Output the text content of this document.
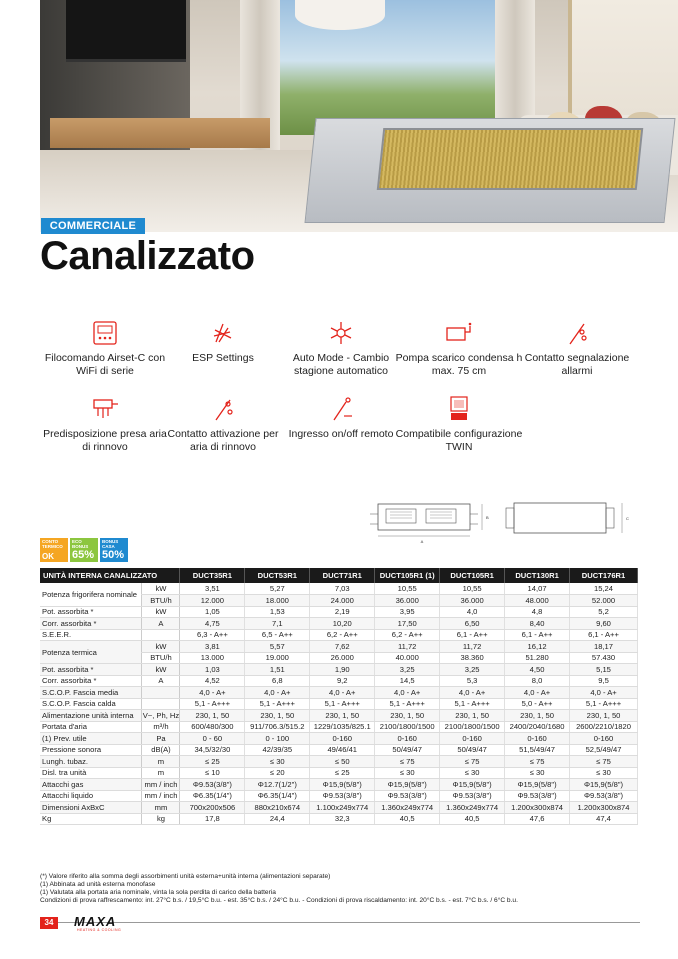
COMMERCIALE
Canalizzato
Filocomando Airset-C con WiFi di serie
ESP Settings	Auto Mode - Cambio stagione automatico
Pompa scarico condensa h max. 75 cm
Contatto segnalazione allarmi
Predisposizione presa aria di rinnovo
Contatto attivazione per aria di rinnovo
Ingresso on/off remoto Compatibile configurazione TWIN
A
B	C
CONTO TERMICO
OK
ECO BONUS
65%
BONUS CASA
50%
UNITÀ INTERNA CANALIZZATO		DUCT35R1	DUCT53R1	DUCT71R1	DUCT105R1 (1)	DUCT105R1	DUCT130R1	DUCT176R1
Potenza frigorifera nominale	kW	3,51	5,27	7,03	10,55	10,55	14,07	15,24
	BTU/h	12.000	18.000	24.000	36.000	36.000	48.000	52.000
Pot. assorbita *	kW	1,05	1,53	2,19	3,95	4,0	4,8	5,2
Corr. assorbita *	A	4,75	7,1	10,20	17,50	6,50	8,40	9,60
S.E.E.R.		6,3 - A++	6,5 - A++	6,2 - A++	6,2 - A++	6,1 - A++	6,1 - A++	6,1 - A++
Potenza termica	kW	3,81	5,57	7,62	11,72	11,72	16,12	18,17
	BTU/h	13.000	19.000	26.000	40.000	38.360	51.280	57.430
Pot. assorbita *	kW	1,03	1,51	1,90	3,25	3,25	4,50	5,15
Corr. assorbita *	A	4,52	6,8	9,2	14,5	5,3	8,0	9,5
S.C.O.P. Fascia media		4,0 - A+	4,0 - A+	4,0 - A+	4,0 - A+	4,0 - A+	4,0 - A+	4,0 - A+
S.C.O.P. Fascia calda		5,1 - A+++	5,1 - A+++	5,1 - A+++	5,1 - A+++	5,1 - A+++	5,0 - A++	5,1 - A+++
Alimentazione unità interna	V~, Ph, Hz	230, 1, 50	230, 1, 50	230, 1, 50	230, 1, 50	230, 1, 50	230, 1, 50	230, 1, 50
Portata d'aria	m³/h	600/480/300	911/706.3/515.2	1229/1035/825.1	2100/1800/1500	2100/1800/1500	2400/2040/1680	2600/2210/1820
(1) Prev. utile	Pa	0 - 60	0 - 100	0-160	0-160	0-160	0-160	0-160
Pressione sonora	dB(A)	34,5/32/30	42/39/35	49/46/41	50/49/47	50/49/47	51,5/49/47	52,5/49/47
Lungh. tubaz.	m	≤ 25	≤ 30	≤ 50	≤ 75	≤ 75	≤ 75	≤ 75
Disl. tra unità	m	≤ 10	≤ 20	≤ 25	≤ 30	≤ 30	≤ 30	≤ 30
Attacchi gas	mm / inch	Φ9.53(3/8")	Φ12.7(1/2")	Φ15,9(5/8")	Φ15,9(5/8")	Φ15,9(5/8")	Φ15,9(5/8")	Φ15,9(5/8")
Attacchi liquido	mm / inch	Φ6.35(1/4")	Φ6.35(1/4")	Φ9.53(3/8")	Φ9.53(3/8")	Φ9.53(3/8")	Φ9.53(3/8")	Φ9.53(3/8")
Dimensioni AxBxC	mm	700x200x506	880x210x674	1.100x249x774	1.360x249x774	1.360x249x774	1.200x300x874	1.200x300x874
Kg	kg	17,8	24,4	32,3	40,5	40,5	47,6	47,4
(*) Valore riferito alla somma degli assorbimenti unità esterna+unità interna (alimentazioni separate)
(1) Abbinata ad unità esterna monofase
(1) Valutata alla portata aria nominale, vinta la sola perdita di carico della batteria
Condizioni di prova raffrescamento: int. 27°C b.s. / 19,5°C b.u. - est. 35°C b.s. / 24°C b.u. - Condizioni di prova riscaldamento: int. 20°C b.s. - est. 7°C b.s. / 6°C b.u.
34	MAXA
HEATING & COOLING
